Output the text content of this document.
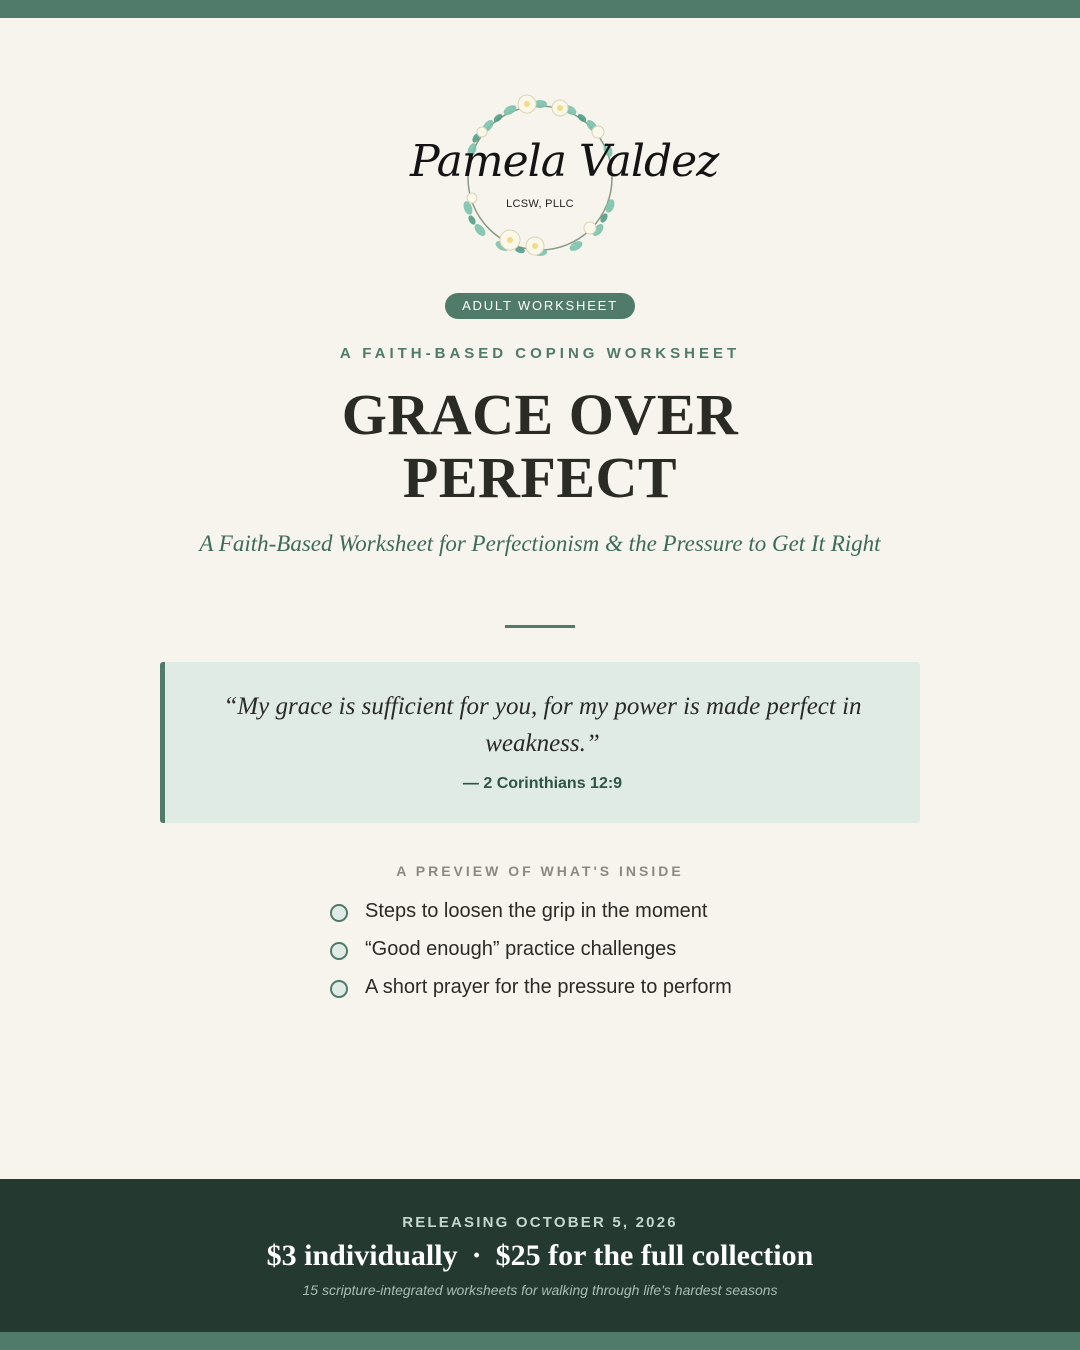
Pamela Valdez
LCSW, PLLC
ADULT WORKSHEET
A FAITH-BASED COPING WORKSHEET
GRACE OVER
PERFECT
A Faith-Based Worksheet for Perfectionism & the Pressure to Get It Right
“My grace is sufficient for you, for my power is made perfect in weakness.”
— 2 Corinthians 12:9
A PREVIEW OF WHAT'S INSIDE
Steps to loosen the grip in the moment
“Good enough” practice challenges
A short prayer for the pressure to perform
RELEASING OCTOBER 5, 2026
$3 individually · $25 for the full collection
15 scripture-integrated worksheets for walking through life's hardest seasons
